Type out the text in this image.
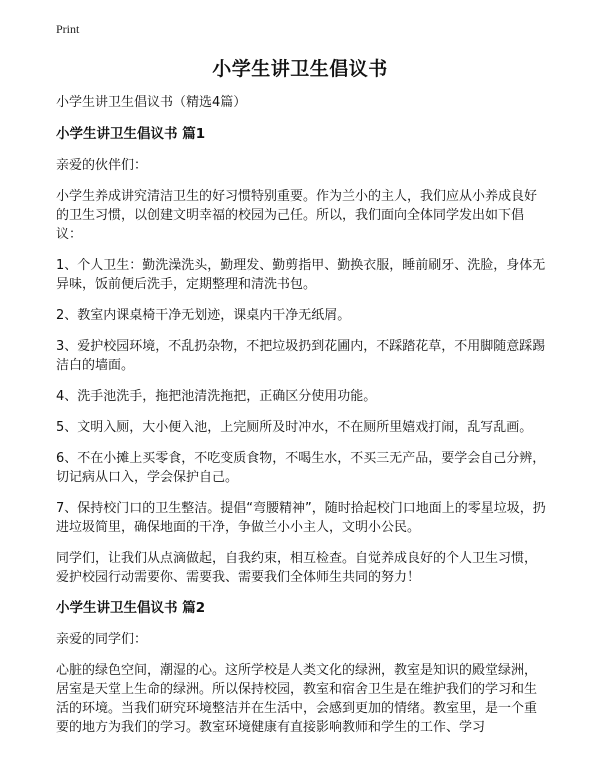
Print
小学生讲卫生倡议书

小学生讲卫生倡议书（精选4篇）

小学生讲卫生倡议书 篇1

亲爱的伙伴们：

小学生养成讲究清洁卫生的好习惯特别重要。作为兰小的主人，我们应从小养成良好的卫生习惯，以创建文明幸福的校园为己任。所以，我们面向全体同学发出如下倡议：

1、个人卫生：勤洗澡洗头，勤理发、勤剪指甲、勤换衣服，睡前刷牙、洗脸，身体无异味，饭前便后洗手，定期整理和清洗书包。

2、教室内课桌椅干净无划迹，课桌内干净无纸屑。

3、爱护校园环境，不乱扔杂物，不把垃圾扔到花圃内，不踩踏花草，不用脚随意踩踢洁白的墙面。

4、洗手池洗手，拖把池清洗拖把，正确区分使用功能。

5、文明入厕，大小便入池，上完厕所及时冲水，不在厕所里嬉戏打闹，乱写乱画。

6、不在小摊上买零食，不吃变质食物，不喝生水，不买三无产品，要学会自己分辨，切记病从口入，学会保护自己。

7、保持校门口的卫生整洁。提倡“弯腰精神”，随时拾起校门口地面上的零星垃圾，扔进垃圾简里，确保地面的干净，争做兰小小主人，文明小公民。

同学们，让我们从点滴做起，自我约束，相互检查。自觉养成良好的个人卫生习惯，爱护校园行动需要你、需要我、需要我们全体师生共同的努力！

小学生讲卫生倡议书 篇2

亲爱的同学们：

心脏的绿色空间，潮湿的心。这所学校是人类文化的绿洲，教室是知识的殿堂绿洲，居室是天堂上生命的绿洲。所以保持校园，教室和宿舍卫生是在维护我们的学习和生活的环境。当我们研究环境整洁并在生活中，会感到更加的情绪。教室里，是一个重要的地方为我们的学习。教室环境健康有直接影响教师和学生的工作、学习
